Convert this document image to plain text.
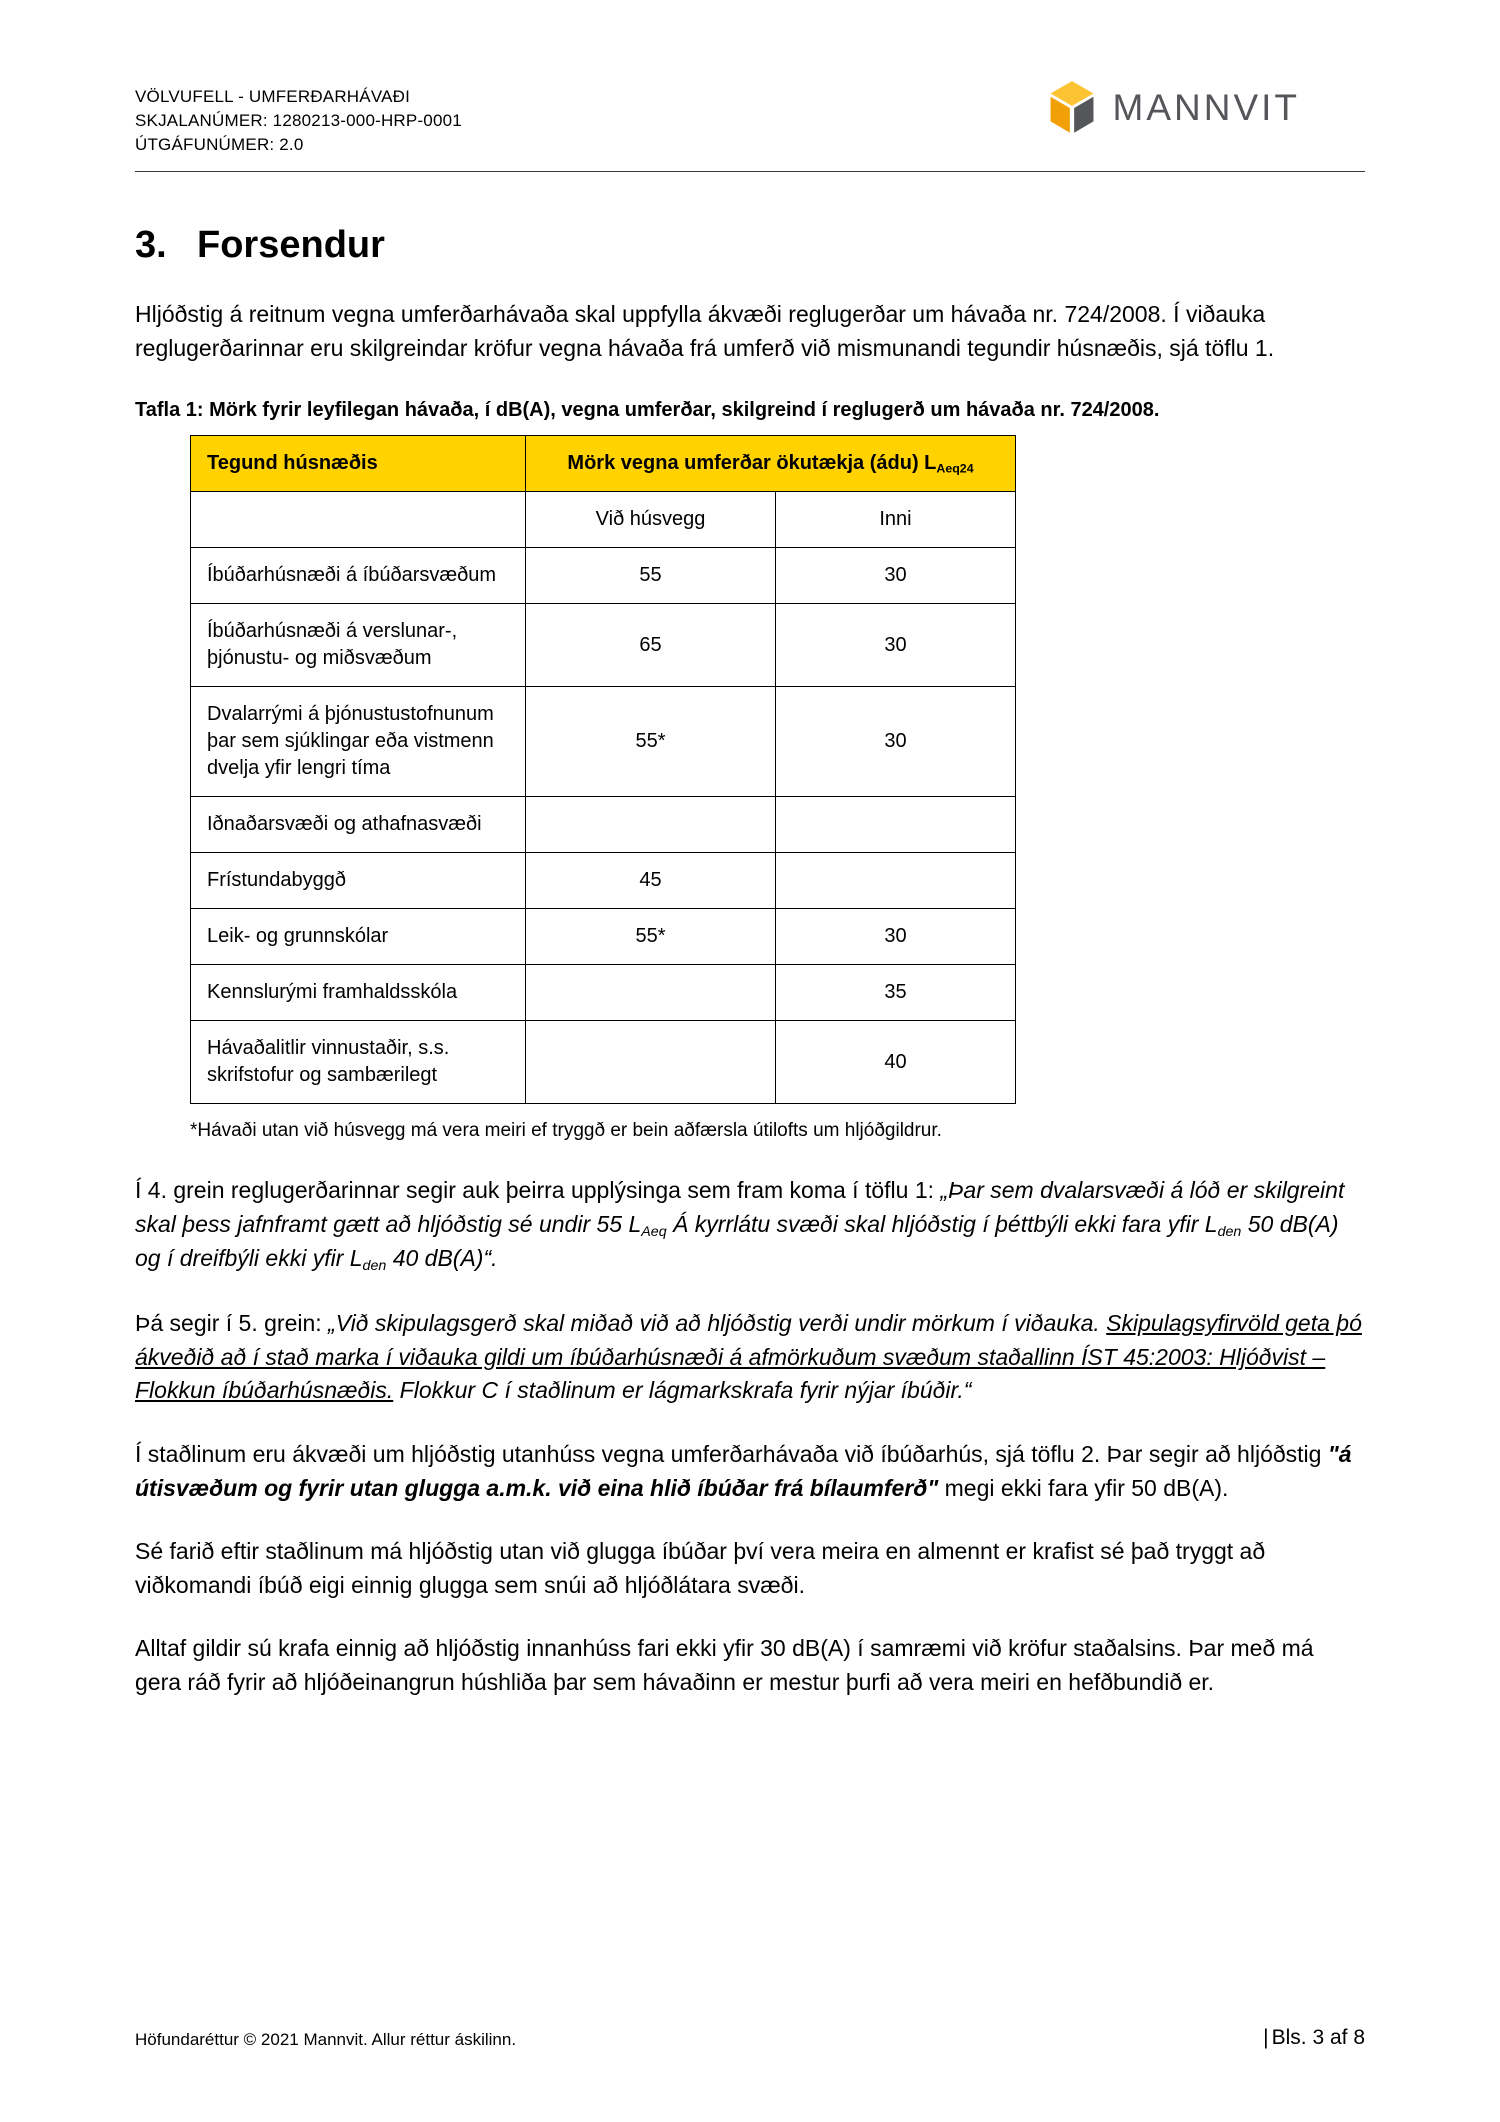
VÖLVUFELL - UMFERÐARHÁVAÐI
SKJALANÚMER: 1280213-000-HRP-0001
ÚTGÁFUNÚMER: 2.0
MANNVIT
3. Forsendur

Hljóðstig á reitnum vegna umferðarhávaða skal uppfylla ákvæði reglugerðar um hávaða nr. 724/2008. Í viðauka reglugerðarinnar eru skilgreindar kröfur vegna hávaða frá umferð við mismunandi tegundir húsnæðis, sjá töflu 1.

Tafla 1: Mörk fyrir leyfilegan hávaða, í dB(A), vegna umferðar, skilgreind í reglugerð um hávaða nr. 724/2008.

Tegund húsnæðis	Mörk vegna umferðar ökutækja (ádu) $L_{Aeq24}$
	Við húsvegg	Inni
Íbúðarhúsnæði á íbúðarsvæðum	55	30
Íbúðarhúsnæði á verslunar-, þjónustu- og miðsvæðum	65	30
Dvalarrými á þjónustustofnunum þar sem sjúklingar eða vistmenn dvelja yfir lengri tíma	55*	30
Iðnaðarsvæði og athafnasvæði		
Frístundabyggð	45	
Leik- og grunnskólar	55*	30
Kennslurými framhaldsskóla		35
Hávaðalitlir vinnustaðir, s.s. skrifstofur og sambærilegt		40

*Hávaði utan við húsvegg má vera meiri ef tryggð er bein aðfærsla útilofts um hljóðgildrur.

Í 4. grein reglugerðarinnar segir auk þeirra upplýsinga sem fram koma í töflu 1: „Þar sem dvalarsvæði á lóð er skilgreint skal þess jafnframt gætt að hljóðstig sé undir 55 $L_{Aeq}$ Á kyrrlátu svæði skal hljóðstig í þéttbýli ekki fara yfir $L_{den}$ 50 dB(A) og í dreifbýli ekki yfir $L_{den}$ 40 dB(A)“.

Þá segir í 5. grein: „Við skipulagsgerð skal miðað við að hljóðstig verði undir mörkum í viðauka. Skipulagsyfirvöld geta þó ákveðið að í stað marka í viðauka gildi um íbúðarhúsnæði á afmörkuðum svæðum staðallinn ÍST 45:2003: Hljóðvist – Flokkun íbúðarhúsnæðis. Flokkur C í staðlinum er lágmarkskrafa fyrir nýjar íbúðir.“

Í staðlinum eru ákvæði um hljóðstig utanhúss vegna umferðarhávaða við íbúðarhús, sjá töflu 2. Þar segir að hljóðstig "á útisvæðum og fyrir utan glugga a.m.k. við eina hlið íbúðar frá bílaumferð" megi ekki fara yfir 50 dB(A).

Sé farið eftir staðlinum má hljóðstig utan við glugga íbúðar því vera meira en almennt er krafist sé það tryggt að viðkomandi íbúð eigi einnig glugga sem snúi að hljóðlátara svæði.

Alltaf gildir sú krafa einnig að hljóðstig innanhúss fari ekki yfir 30 dB(A) í samræmi við kröfur staðalsins. Þar með má gera ráð fyrir að hljóðeinangrun húshliða þar sem hávaðinn er mestur þurfi að vera meiri en hefðbundið er.

Höfundaréttur © 2021 Mannvit. Allur réttur áskilinn.	| Bls. 3 af 8
